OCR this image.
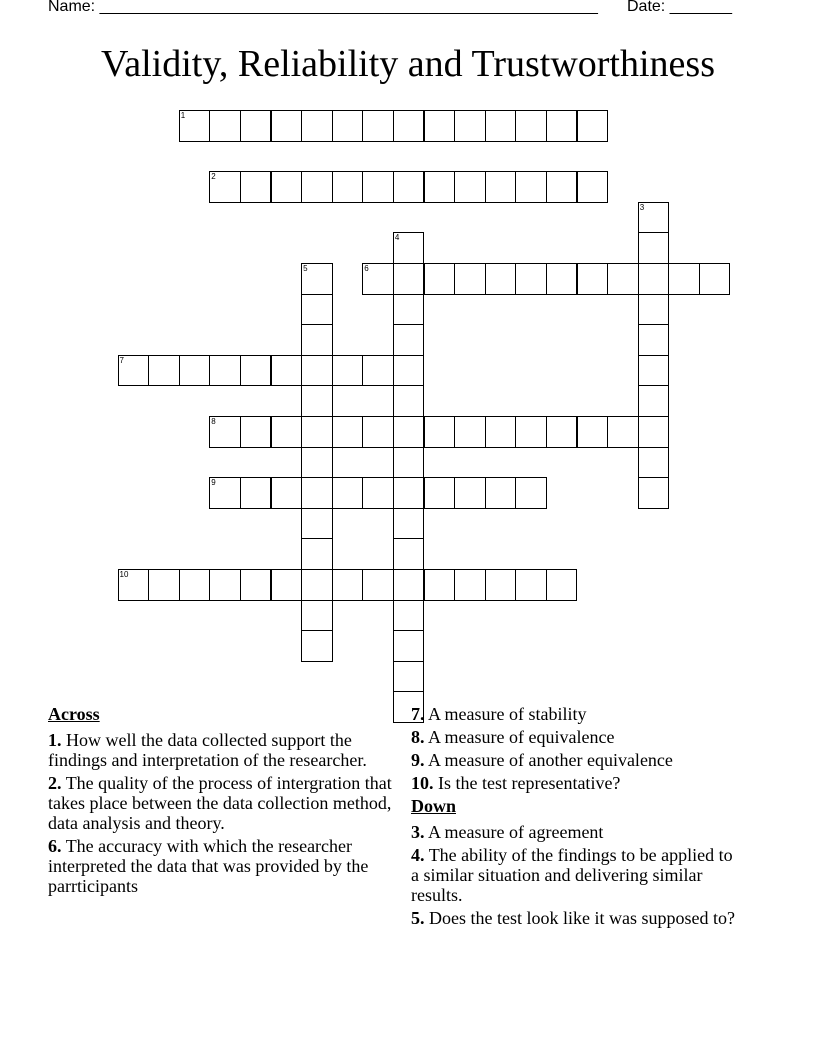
Name: ________________________________________________________ Date: _______
Validity, Reliability and Trustworthiness
1
2
3
4
5	6
7
8
9
10
Across
1. How well the data collected support the findings and interpretation of the researcher.
2. The quality of the process of intergration that takes place between the data collection method, data analysis and theory.
6. The accuracy with which the researcher interpreted the data that was provided by the parrticipants
7. A measure of stability
8. A measure of equivalence
9. A measure of another equivalence
10. Is the test representative?
Down
3. A measure of agreement
4. The ability of the findings to be applied to a similar situation and delivering similar results.
5. Does the test look like it was supposed to?
